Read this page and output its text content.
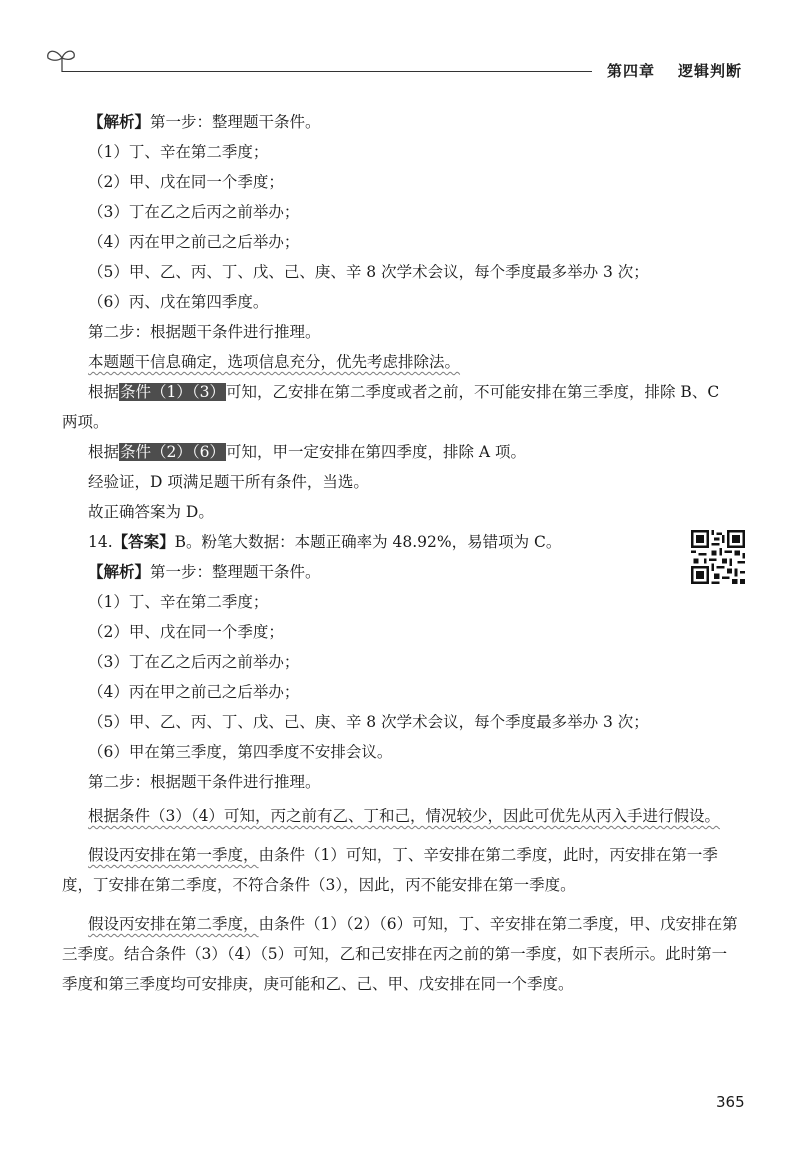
第四章 逻辑判断

【解析】第一步：整理题干条件。

（1）丁、辛在第二季度；

（2）甲、戊在同一个季度；

（3）丁在乙之后丙之前举办；

（4）丙在甲之前己之后举办；

（5）甲、乙、丙、丁、戊、己、庚、辛 8 次学术会议，每个季度最多举办 3 次；

（6）丙、戊在第四季度。

第二步：根据题干条件进行推理。

本题题干信息确定，选项信息充分，优先考虑排除法。

根据条件（1）（3）可知，乙安排在第二季度或者之前，不可能安排在第三季度，排除 B、C 两项。

根据条件（2）（6）可知，甲一定安排在第四季度，排除 A 项。

经验证，D 项满足题干所有条件，当选。

故正确答案为 D。

14.【答案】B。粉笔大数据：本题正确率为 48.92%，易错项为 C。

【解析】第一步：整理题干条件。

（1）丁、辛在第二季度；

（2）甲、戊在同一个季度；

（3）丁在乙之后丙之前举办；

（4）丙在甲之前己之后举办；

（5）甲、乙、丙、丁、戊、己、庚、辛 8 次学术会议，每个季度最多举办 3 次；

（6）甲在第三季度，第四季度不安排会议。

第二步：根据题干条件进行推理。

根据条件（3）（4）可知，丙之前有乙、丁和己，情况较少，因此可优先从丙入手进行假设。

假设丙安排在第一季度，由条件（1）可知，丁、辛安排在第二季度，此时，丙安排在第一季度，丁安排在第二季度，不符合条件（3），因此，丙不能安排在第一季度。

假设丙安排在第二季度，由条件（1）（2）（6）可知，丁、辛安排在第二季度，甲、戊安排在第三季度。结合条件（3）（4）（5）可知，乙和己安排在丙之前的第一季度，如下表所示。此时第一季度和第三季度均可安排庚，庚可能和乙、己、甲、戊安排在同一个季度。

365
